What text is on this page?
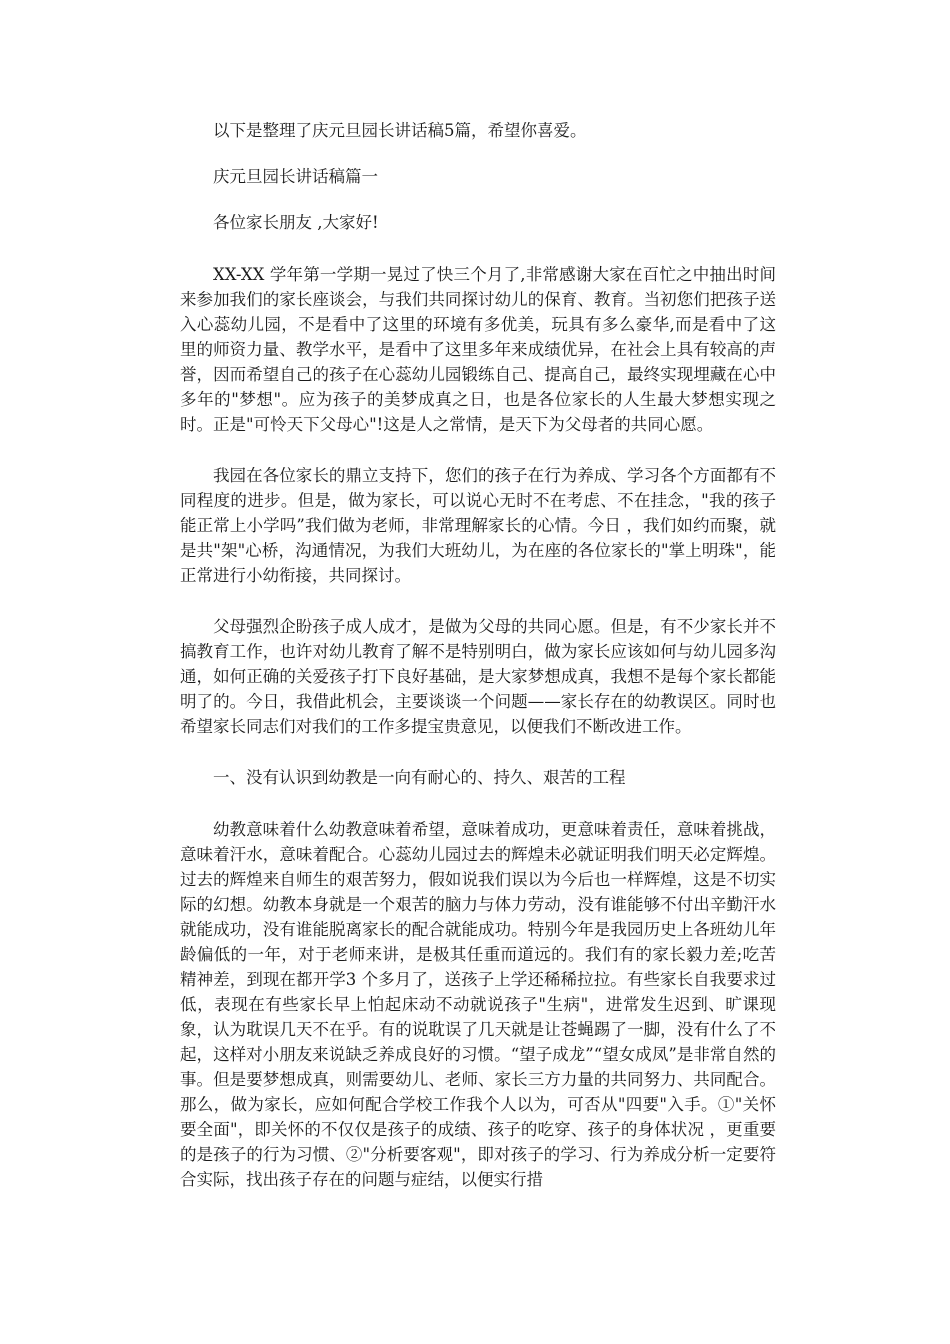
以下是整理了庆元旦园长讲话稿5篇，希望你喜爱。

庆元旦园长讲话稿篇一

各位家长朋友 ,大家好!

XX-XX 学年第一学期一晃过了快三个月了,非常感谢大家在百忙之中抽出时间来参加我们的家长座谈会，与我们共同探讨幼儿的保育、教育。当初您们把孩子送入心蕊幼儿园，不是看中了这里的环境有多优美，玩具有多么豪华,而是看中了这里的师资力量、教学水平，是看中了这里多年来成绩优异，在社会上具有较高的声誉，因而希望自己的孩子在心蕊幼儿园锻练自己、提高自己，最终实现埋藏在心中多年的"梦想"。应为孩子的美梦成真之日，也是各位家长的人生最大梦想实现之时。正是"可怜天下父母心"!这是人之常情，是天下为父母者的共同心愿。

我园在各位家长的鼎立支持下，您们的孩子在行为养成、学习各个方面都有不同程度的进步。但是，做为家长，可以说心无时不在考虑、不在挂念，"我的孩子能正常上小学吗”我们做为老师，非常理解家长的心情。今日 ，我们如约而聚，就是共"架"心桥，沟通情况，为我们大班幼儿，为在座的各位家长的"掌上明珠"，能正常进行小幼衔接，共同探讨。

父母强烈企盼孩子成人成才，是做为父母的共同心愿。但是，有不少家长并不搞教育工作，也许对幼儿教育了解不是特别明白，做为家长应该如何与幼儿园多沟通，如何正确的关爱孩子打下良好基础，是大家梦想成真，我想不是每个家长都能明了的。今日，我借此机会，主要谈谈一个问题——家长存在的幼教误区。同时也希望家长同志们对我们的工作多提宝贵意见，以便我们不断改进工作。

一、没有认识到幼教是一向有耐心的、持久、艰苦的工程

幼教意味着什么幼教意味着希望，意味着成功，更意味着责任，意味着挑战，意味着汗水，意味着配合。心蕊幼儿园过去的辉煌未必就证明我们明天必定辉煌。过去的辉煌来自师生的艰苦努力，假如说我们误以为今后也一样辉煌，这是不切实际的幻想。幼教本身就是一个艰苦的脑力与体力劳动，没有谁能够不付出辛勤汗水就能成功，没有谁能脱离家长的配合就能成功。特别今年是我园历史上各班幼儿年龄偏低的一年，对于老师来讲，是极其任重而道远的。我们有的家长毅力差;吃苦精神差，到现在都开学3 个多月了，送孩子上学还稀稀拉拉。有些家长自我要求过低，表现在有些家长早上怕起床动不动就说孩子"生病"，进常发生迟到、旷课现象，认为耽误几天不在乎。有的说耽误了几天就是让苍蝇踢了一脚，没有什么了不起，这样对小朋友来说缺乏养成良好的习惯。“望子成龙”“望女成凤”是非常自然的事。但是要梦想成真，则需要幼儿、老师、家长三方力量的共同努力、共同配合。那么，做为家长，应如何配合学校工作我个人以为，可否从"四要"入手。①"关怀要全面"，即关怀的不仅仅是孩子的成绩、孩子的吃穿、孩子的身体状况 ，更重要的是孩子的行为习惯、②"分析要客观"，即对孩子的学习、行为养成分析一定要符合实际，找出孩子存在的问题与症结，以便实行措
